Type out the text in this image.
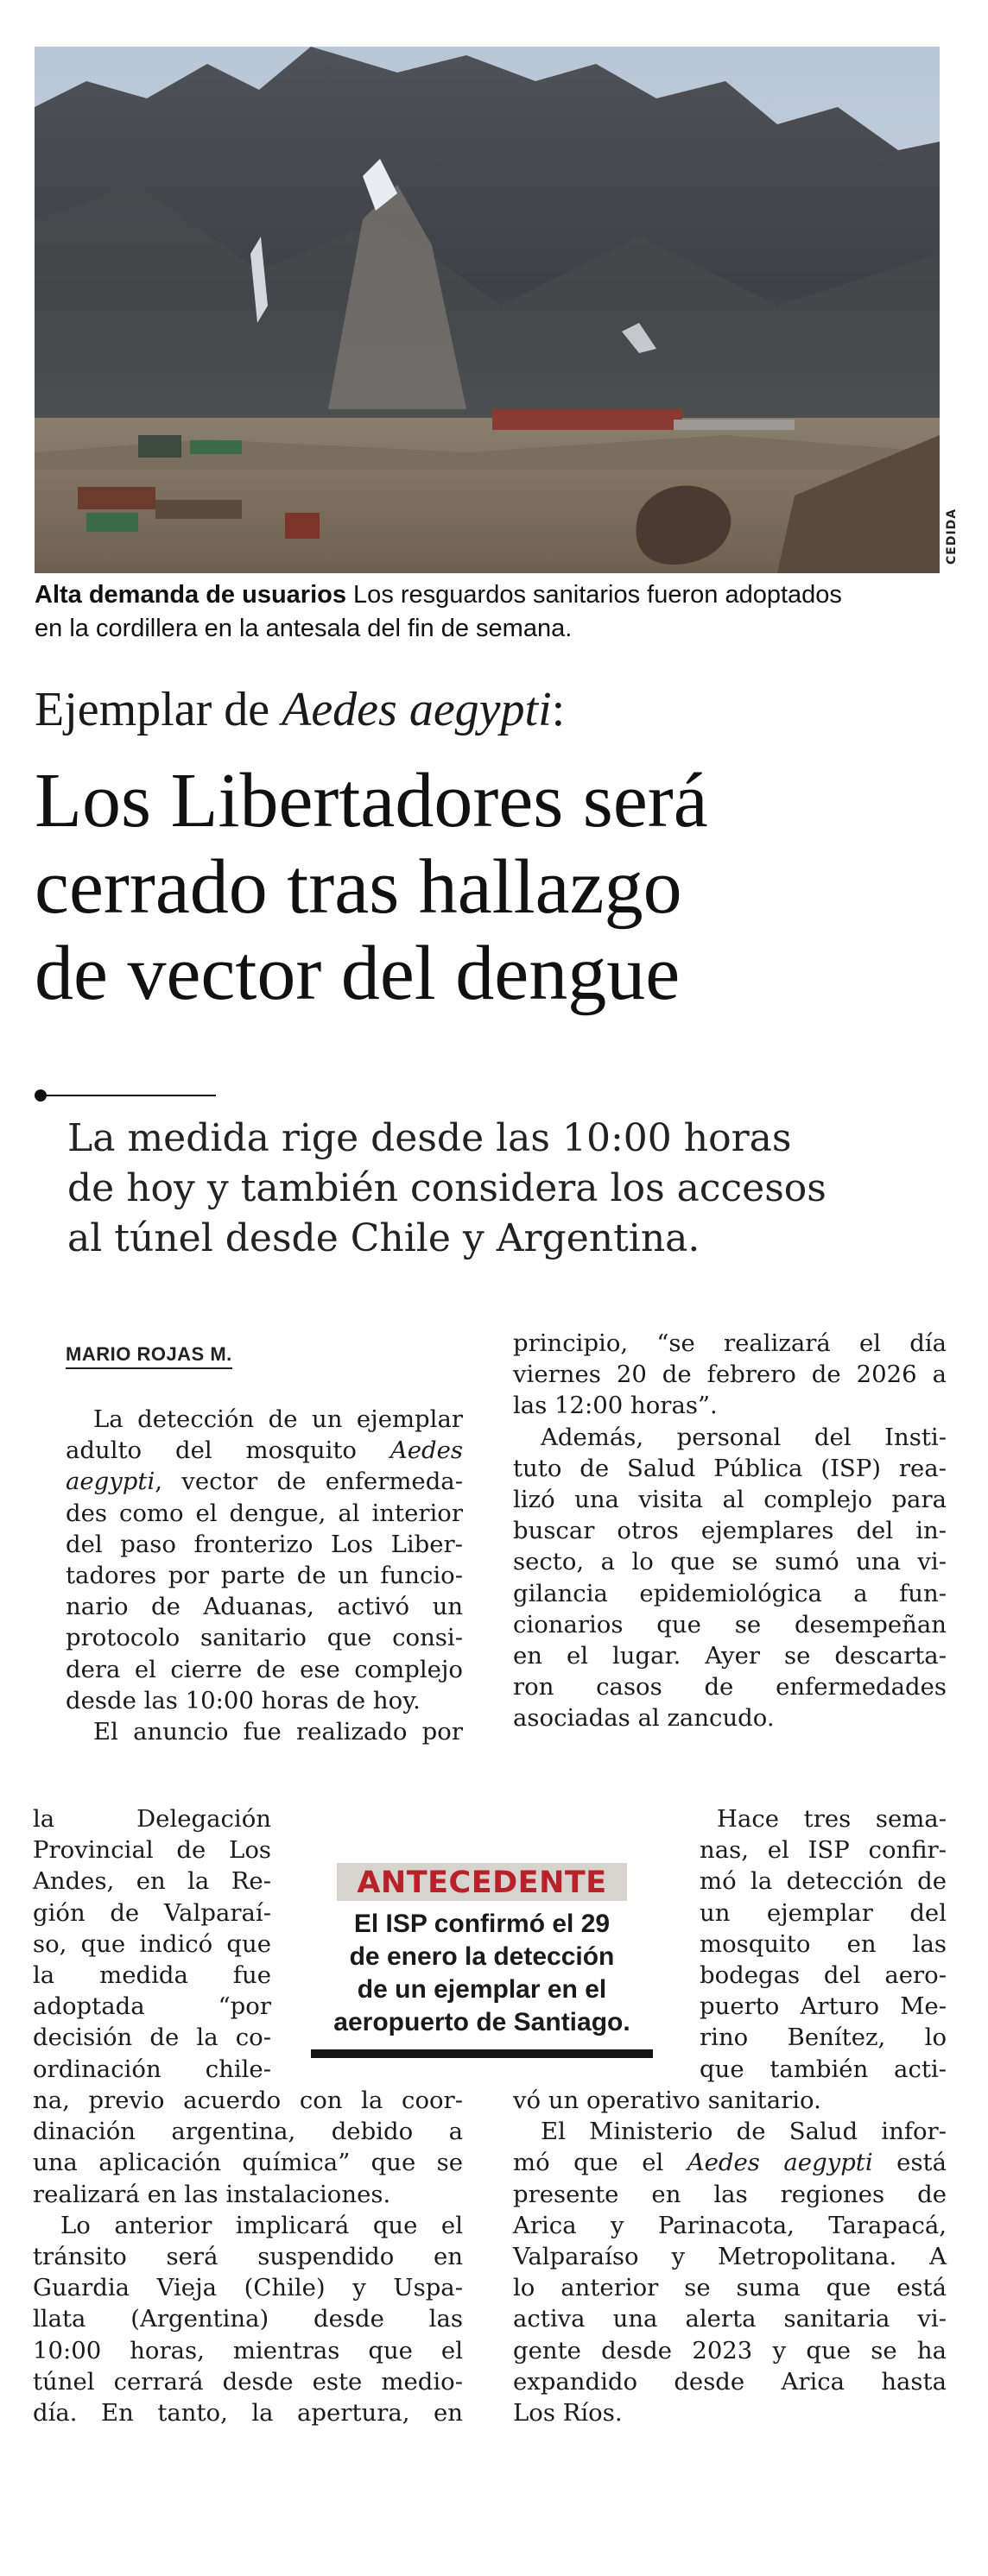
CEDIDA
Alta demanda de usuarios Los resguardos sanitarios fueron adoptados
en la cordillera en la antesala del fin de semana.
Ejemplar de Aedes aegypti:
Los Libertadores será
cerrado tras hallazgo
de vector del dengue
La medida rige desde las 10:00 horas
de hoy y también considera los accesos
al túnel desde Chile y Argentina.
MARIO ROJAS M.
La detección de un ejemplar
adulto del mosquito Aedes
aegypti, vector de enfermeda-
des como el dengue, al interior
del paso fronterizo Los Liber-
tadores por parte de un funcio-
nario de Aduanas, activó un
protocolo sanitario que consi-
dera el cierre de ese complejo
desde las 10:00 horas de hoy.
El anuncio fue realizado por
la Delegación
Provincial de Los
Andes, en la Re-
gión de Valparaí-
so, que indicó que
la medida fue
adoptada “por
decisión de la co-
ordinación chile-
na, previo acuerdo con la coor-
dinación argentina, debido a
una aplicación química” que se
realizará en las instalaciones.
Lo anterior implicará que el
tránsito será suspendido en
Guardia Vieja (Chile) y Uspa-
llata (Argentina) desde las
10:00 horas, mientras que el
túnel cerrará desde este medio-
día. En tanto, la apertura, en
principio, “se realizará el día
viernes 20 de febrero de 2026 a
las 12:00 horas”.
Además, personal del Insti-
tuto de Salud Pública (ISP) rea-
lizó una visita al complejo para
buscar otros ejemplares del in-
secto, a lo que se sumó una vi-
gilancia epidemiológica a fun-
cionarios que se desempeñan
en el lugar. Ayer se descarta-
ron casos de enfermedades
asociadas al zancudo.
Hace tres sema-
nas, el ISP confir-
mó la detección de
un ejemplar del
mosquito en las
bodegas del aero-
puerto Arturo Me-
rino Benítez, lo
que también acti-
vó un operativo sanitario.
El Ministerio de Salud infor-
mó que el Aedes aegypti está
presente en las regiones de
Arica y Parinacota, Tarapacá,
Valparaíso y Metropolitana. A
lo anterior se suma que está
activa una alerta sanitaria vi-
gente desde 2023 y que se ha
expandido desde Arica hasta
Los Ríos.
ANTECEDENTE
El ISP confirmó el 29
de enero la detección
de un ejemplar en el
aeropuerto de Santiago.
